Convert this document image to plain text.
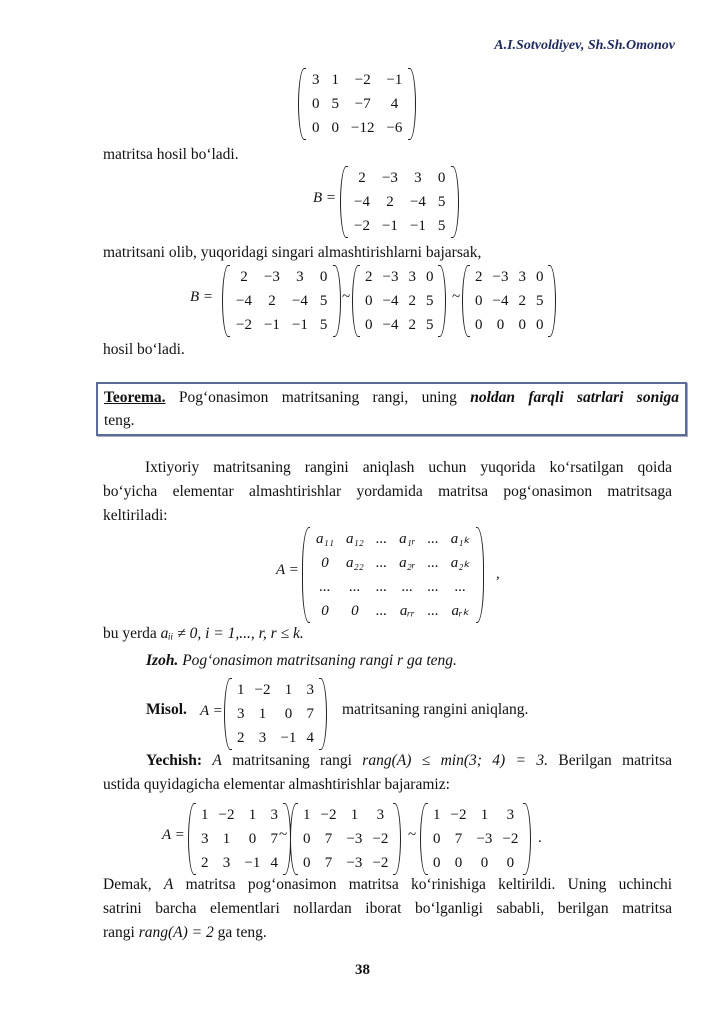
A.I.Sotvoldiyev, Sh.Sh.Omonov
3	1	−2	−1
0	5	−7	4
0	0	−12	−6
matritsa hosil bo‘ladi.
B =
2	−3	3	0
−4	2	−4	5
−2	−1	−1	5
matritsani olib, yuqoridagi singari almashtirishlarni bajarsak,
B =
2	−3	3	0
−4	2	−4	5
−2	−1	−1	5
~
2	−3	3	0
0	−4	2	5
0	−4	2	5
~
2	−3	3	0
0	−4	2	5
0	0	0	0
hosil bo‘ladi.
Teorema. Pog‘onasimon matritsaning rangi, uning noldan farqli satrlari soniga
teng.
Ixtiyoriy matritsaning rangini aniqlash uchun yuqorida ko‘rsatilgan qoida
bo‘yicha elementar almashtirishlar yordamida matritsa pog‘onasimon matritsaga
keltiriladi:
A =
a₁₁	a₁₂	...	a₁ᵣ	...	a₁ₖ
0	a₂₂	...	a₂ᵣ	...	a₂ₖ
...	...	...	...	...	...
0	0	...	aᵣᵣ	...	aᵣₖ
,
bu yerda aᵢᵢ ≠ 0, i = 1,..., r, r ≤ k.
Izoh. Pog‘onasimon matritsaning rangi r ga teng.
Misol. A =
1	−2	1	3
3	1	0	7
2	3	−1	4
matritsaning rangini aniqlang.
Yechish: A matritsaning rangi rang(A) ≤ min(3; 4) = 3. Berilgan matritsa
ustida quyidagicha elementar almashtirishlar bajaramiz:
A =
1	−2	1	3
3	1	0	7
2	3	−1	4
~
1	−2	1	3
0	7	−3	−2
0	7	−3	−2
~
1	−2	1	3
0	7	−3	−2
0	0	0	0
.
Demak, A matritsa pog‘onasimon matritsa ko‘rinishiga keltirildi. Uning uchinchi
satrini barcha elementlari nollardan iborat bo‘lganligi sababli, berilgan matritsa
rangi rang(A) = 2 ga teng.
38
